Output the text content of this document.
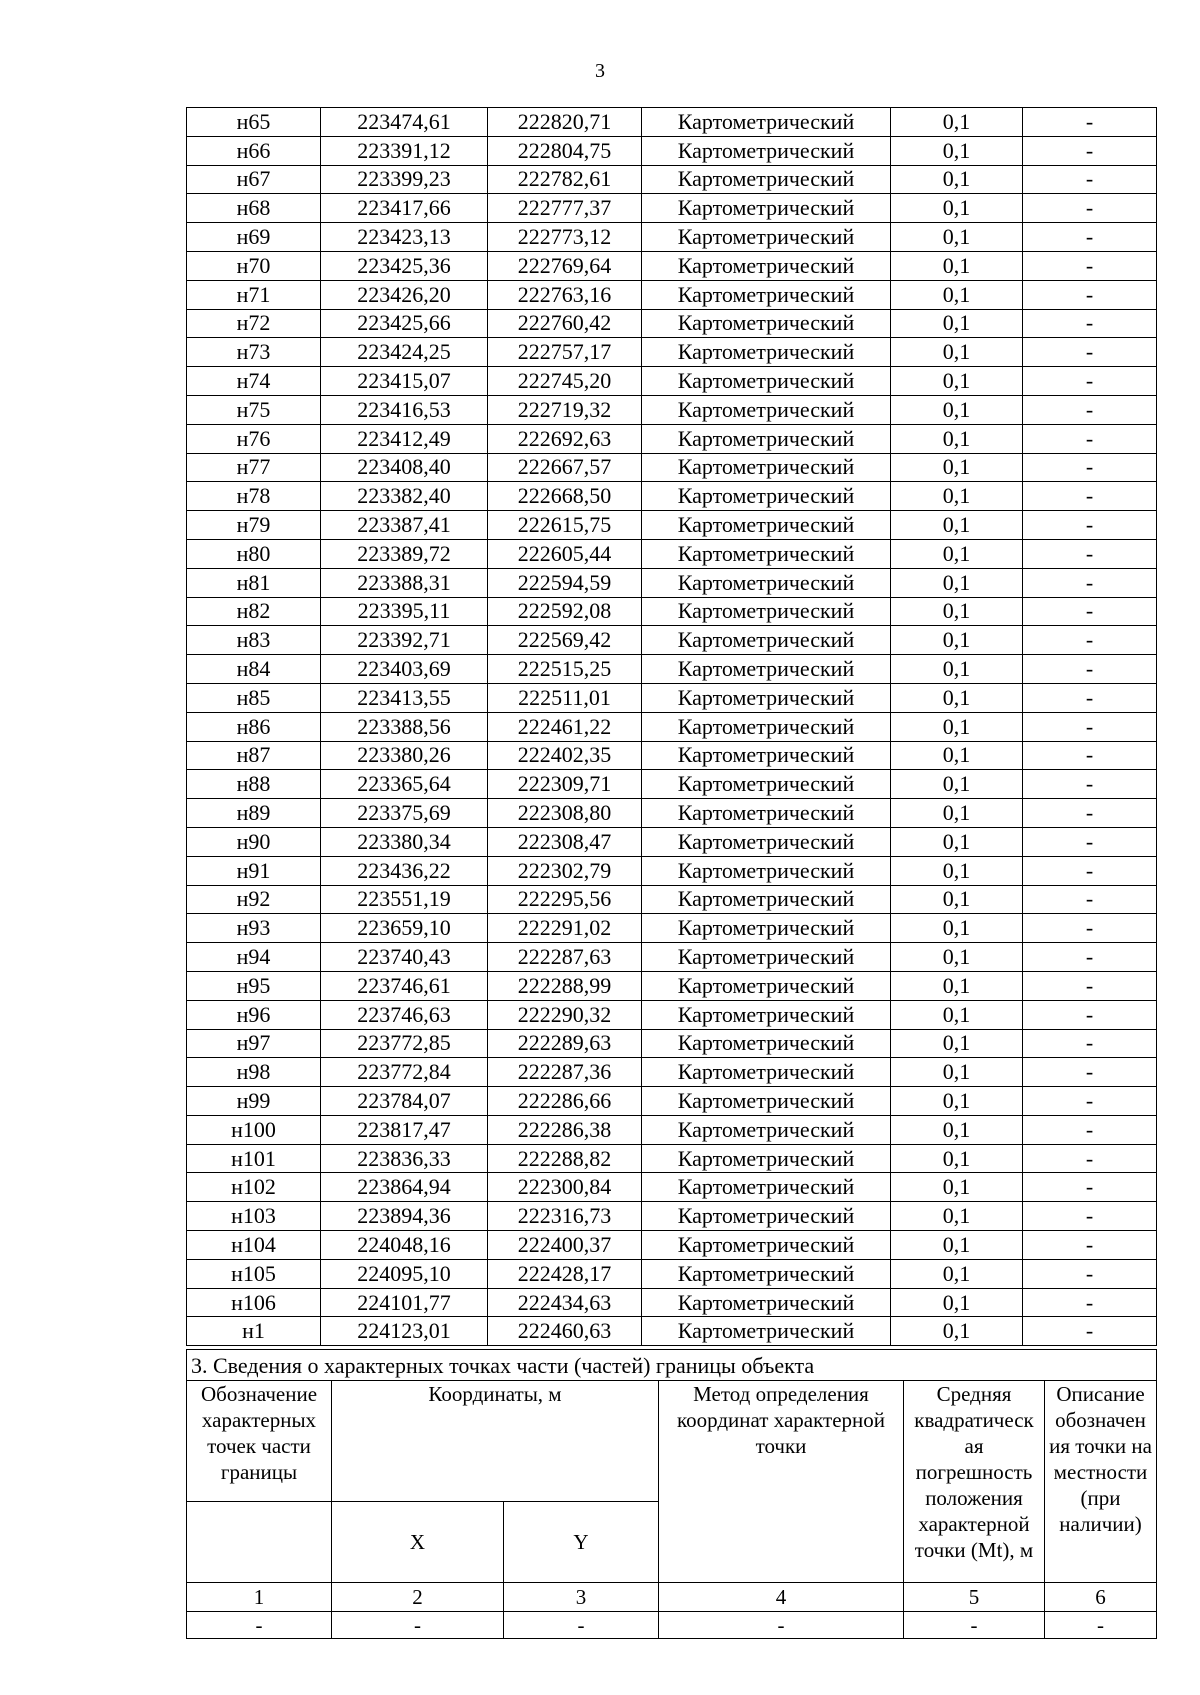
3
н65	223474,61	222820,71	Картометрический	0,1	-
н66	223391,12	222804,75	Картометрический	0,1	-
н67	223399,23	222782,61	Картометрический	0,1	-
н68	223417,66	222777,37	Картометрический	0,1	-
н69	223423,13	222773,12	Картометрический	0,1	-
н70	223425,36	222769,64	Картометрический	0,1	-
н71	223426,20	222763,16	Картометрический	0,1	-
н72	223425,66	222760,42	Картометрический	0,1	-
н73	223424,25	222757,17	Картометрический	0,1	-
н74	223415,07	222745,20	Картометрический	0,1	-
н75	223416,53	222719,32	Картометрический	0,1	-
н76	223412,49	222692,63	Картометрический	0,1	-
н77	223408,40	222667,57	Картометрический	0,1	-
н78	223382,40	222668,50	Картометрический	0,1	-
н79	223387,41	222615,75	Картометрический	0,1	-
н80	223389,72	222605,44	Картометрический	0,1	-
н81	223388,31	222594,59	Картометрический	0,1	-
н82	223395,11	222592,08	Картометрический	0,1	-
н83	223392,71	222569,42	Картометрический	0,1	-
н84	223403,69	222515,25	Картометрический	0,1	-
н85	223413,55	222511,01	Картометрический	0,1	-
н86	223388,56	222461,22	Картометрический	0,1	-
н87	223380,26	222402,35	Картометрический	0,1	-
н88	223365,64	222309,71	Картометрический	0,1	-
н89	223375,69	222308,80	Картометрический	0,1	-
н90	223380,34	222308,47	Картометрический	0,1	-
н91	223436,22	222302,79	Картометрический	0,1	-
н92	223551,19	222295,56	Картометрический	0,1	-
н93	223659,10	222291,02	Картометрический	0,1	-
н94	223740,43	222287,63	Картометрический	0,1	-
н95	223746,61	222288,99	Картометрический	0,1	-
н96	223746,63	222290,32	Картометрический	0,1	-
н97	223772,85	222289,63	Картометрический	0,1	-
н98	223772,84	222287,36	Картометрический	0,1	-
н99	223784,07	222286,66	Картометрический	0,1	-
н100	223817,47	222286,38	Картометрический	0,1	-
н101	223836,33	222288,82	Картометрический	0,1	-
н102	223864,94	222300,84	Картометрический	0,1	-
н103	223894,36	222316,73	Картометрический	0,1	-
н104	224048,16	222400,37	Картометрический	0,1	-
н105	224095,10	222428,17	Картометрический	0,1	-
н106	224101,77	222434,63	Картометрический	0,1	-
н1	224123,01	222460,63	Картометрический	0,1	-
3. Сведения о характерных точках части (частей) границы объекта					
Обозначение характерных точек части границы	Координаты, м		Метод определения координат характерной точки	Средняя квадратическ ая погрешность положения характерной точки (Mt), м	Описание обозначен ия точки на местности (при наличии)
	X	Y			

1	2	3	4	5	6
-	-	-	-	-	-
